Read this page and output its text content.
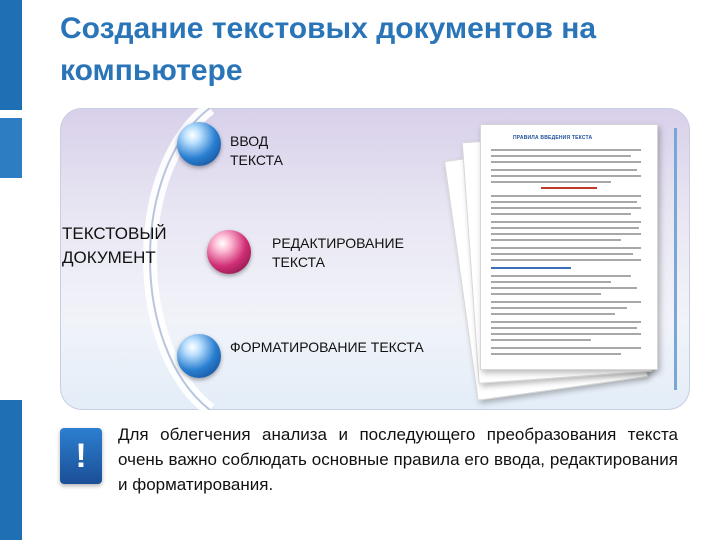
Создание текстовых документов на компьютере

ТЕКСТОВЫЙ ДОКУМЕНТ

ВВОД ТЕКСТА

РЕДАКТИРОВАНИЕ ТЕКСТА

ФОРМАТИРОВАНИЕ ТЕКСТА

ПРАВИЛА ВВЕДЕНИЯ ТЕКСТА
!

Для облегчения анализа и последующего преобразования текста очень важно соблюдать основные правила его ввода, редактирования и форматирования.
